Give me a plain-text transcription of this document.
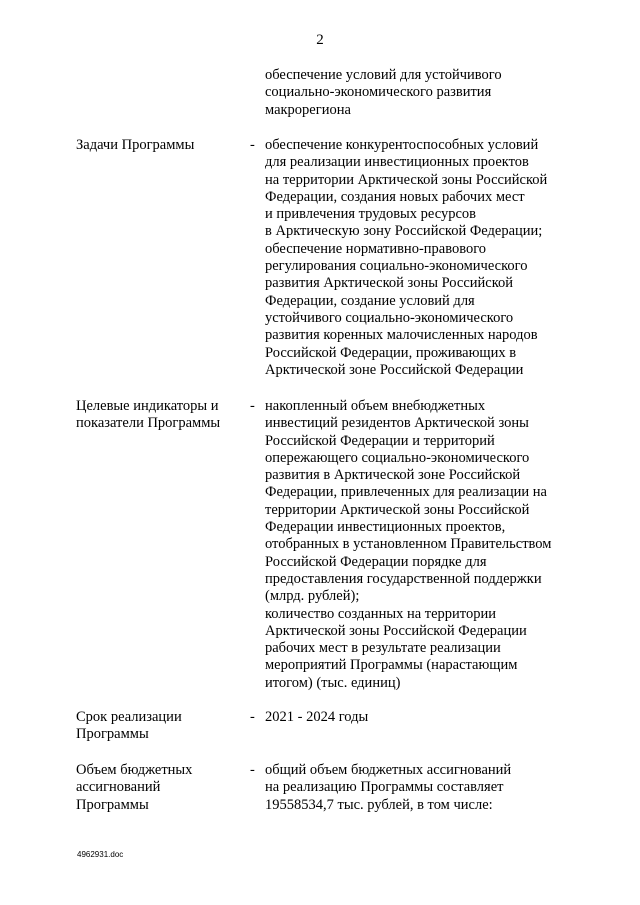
2
обеспечение условий для устойчивого
социально-экономического развития
макрорегиона
Задачи Программы	- обеспечение конкурентоспособных условий
для реализации инвестиционных проектов
на территории Арктической зоны Российской
Федерации, создания новых рабочих мест
и привлечения трудовых ресурсов
в Арктическую зону Российской Федерации;
обеспечение нормативно-правового
регулирования социально-экономического
развития Арктической зоны Российской
Федерации, создание условий для
устойчивого социально-экономического
развития коренных малочисленных народов
Российской Федерации, проживающих в
Арктической зоне Российской Федерации
Целевые индикаторы и
показатели Программы
- накопленный объем внебюджетных
инвестиций резидентов Арктической зоны
Российской Федерации и территорий
опережающего социально-экономического
развития в Арктической зоне Российской
Федерации, привлеченных для реализации на
территории Арктической зоны Российской
Федерации инвестиционных проектов,
отобранных в установленном Правительством
Российской Федерации порядке для
предоставления государственной поддержки
(млрд. рублей);
количество созданных на территории
Арктической зоны Российской Федерации
рабочих мест в результате реализации
мероприятий Программы (нарастающим
итогом) (тыс. единиц)
Срок реализации
Программы
- 2021 - 2024 годы
Объем бюджетных
ассигнований
Программы
- общий объем бюджетных ассигнований
на реализацию Программы составляет
19558534,7 тыс. рублей, в том числе:
4962931.doc
